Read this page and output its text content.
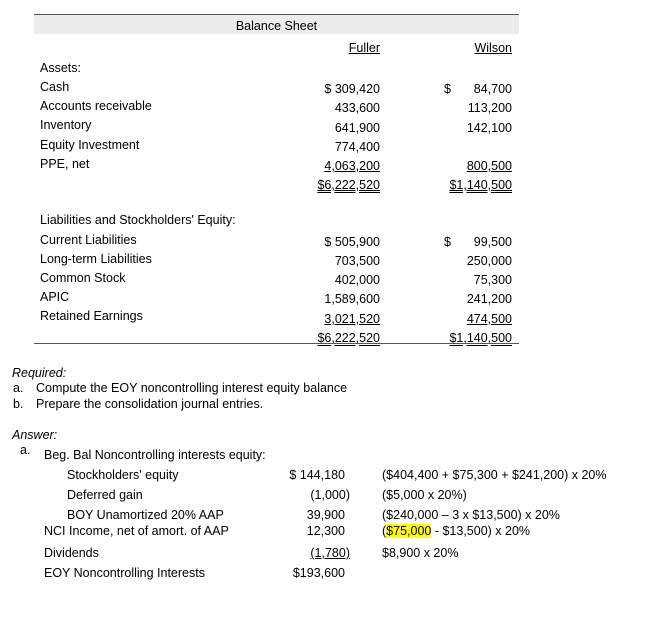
Balance Sheet
Fuller	Wilson
Assets:
Cash	$ 309,420	$	84,700
Accounts receivable	433,600	113,200
Inventory	641,900	142,100
Equity Investment	774,400
PPE, net	4,063,200	800,500
$6,222,520	$1,140,500
Liabilities and Stockholders' Equity:
Current Liabilities	$ 505,900	$	99,500
Long-term Liabilities	703,500	250,000
Common Stock	402,000	75,300
APIC	1,589,600	241,200
Retained Earnings	3,021,520	474,500
$6,222,520	$1,140,500
Required:
a. Compute the EOY noncontrolling interest equity balance
b. Prepare the consolidation journal entries.
Answer:
a. Beg. Bal Noncontrolling interests equity:
Stockholders' equity	$ 144,180	($404,400 + $75,300 + $241,200) x 20%
Deferred gain	(1,000)	($5,000 x 20%)
BOY Unamortized 20% AAP	39,900	($240,000 – 3 x $13,500) x 20%
NCI Income, net of amort. of AAP	12,300	($75,000 - $13,500) x 20%
Dividends	(1,780)	$8,900 x 20%
EOY Noncontrolling Interests	$193,600
